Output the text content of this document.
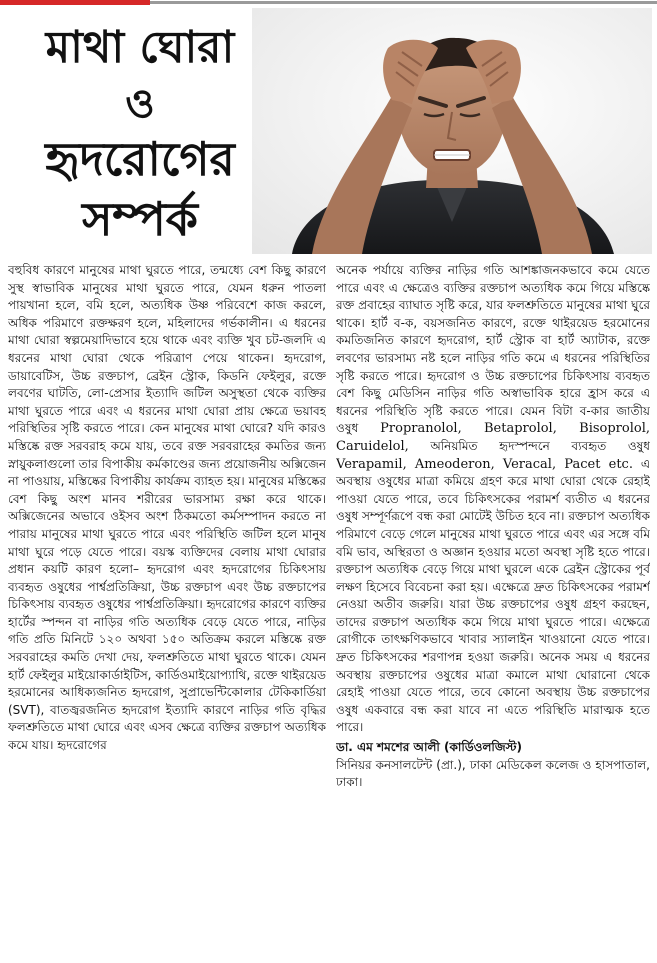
মাথা ঘোরা
ও
হৃদরোগের
সম্পর্ক

বহুবিধ কারণে মানুষের মাথা ঘুরতে পারে, তন্মধ্যে বেশ কিছু কারণে সুস্থ স্বাভাবিক মানুষের মাথা ঘুরতে পারে, যেমন ধরুন পাতলা পায়খানা হলে, বমি হলে, অত্যধিক উষ্ণ পরিবেশে কাজ করলে, অধিক পরিমাণে রক্তক্ষরণ হলে, মহিলাদের গর্ভকালীন। এ ধরনের মাথা ঘোরা স্বল্পমেয়াদিভাবে হয়ে থাকে এবং ব্যক্তি খুব চট-জলদি এ ধরনের মাথা ঘোরা থেকে পরিত্রাণ পেয়ে থাকেন। হৃদরোগ, ডায়াবেটিস, উচ্চ রক্তচাপ, ব্রেইন স্ট্রোক, কিডনি ফেইলুর, রক্তে লবণের ঘাটতি, লো-প্রেসার ইত্যাদি জটিল অসুস্থতা থেকে ব্যক্তির মাথা ঘুরতে পারে এবং এ ধরনের মাথা ঘোরা প্রায় ক্ষেত্রে ভয়াবহ পরিস্থিতির সৃষ্টি করতে পারে। কেন মানুষের মাথা ঘোরে? যদি কারও মস্তিষ্কে রক্ত সরবরাহ কমে যায়, তবে রক্ত সরবরাহের কমতির জন্য স্নায়ুকলাগুলো তার বিপাকীয় কর্মকাণ্ডের জন্য প্রয়োজনীয় অক্সিজেন না পাওয়ায়, মস্তিষ্কের বিপাকীয় কার্যক্রম ব্যাহত হয়। মানুষের মস্তিষ্কের বেশ কিছু অংশ মানব শরীরের ভারসাম্য রক্ষা করে থাকে। অক্সিজেনের অভাবে ওইসব অংশ ঠিকমতো কর্মসম্পাদন করতে না পারায় মানুষের মাথা ঘুরতে পারে এবং পরিস্থিতি জটিল হলে মানুষ মাথা ঘুরে পড়ে যেতে পারে। বয়স্ক ব্যক্তিদের বেলায় মাথা ঘোরার প্রধান কয়টি কারণ হলো– হৃদরোগ এবং হৃদরোগের চিকিৎসায় ব্যবহৃত ওষুধের পার্শ্বপ্রতিক্রিয়া, উচ্চ রক্তচাপ এবং উচ্চ রক্তচাপের চিকিৎসায় ব্যবহৃত ওষুধের পার্শ্বপ্রতিক্রিয়া। হৃদরোগের কারণে ব্যক্তির হার্টের স্পন্দন বা নাড়ির গতি অত্যধিক বেড়ে যেতে পারে, নাড়ির গতি প্রতি মিনিটে ১২০ অথবা ১৫০ অতিক্রম করলে মস্তিষ্কে রক্ত সরবরাহের কমতি দেখা দেয়, ফলশ্রুতিতে মাথা ঘুরতে থাকে। যেমন হার্ট ফেইলুর মাইয়োকার্ডাইটিস, কার্ডিওমাইয়োপ্যাথি, রক্তে থাইরয়েড হরমোনের আধিক্যজনিত হৃদরোগ, সুপ্রাভেন্টিকোলার টেকিকার্ডিয়া (SVT), বাতজ্বরজনিত হৃদরোগ ইত্যাদি কারণে নাড়ির গতি বৃদ্ধির ফলশ্রুতিতে মাথা ঘোরে এবং এসব ক্ষেত্রে ব্যক্তির রক্তচাপ অত্যধিক কমে যায়। হৃদরোগের

অনেক পর্যায়ে ব্যক্তির নাড়ির গতি আশঙ্কাজনকভাবে কমে যেতে পারে এবং এ ক্ষেত্রেও ব্যক্তির রক্তচাপ অত্যধিক কমে গিয়ে মস্তিষ্কে রক্ত প্রবাহের ব্যাঘাত সৃষ্টি করে, যার ফলশ্রুতিতে মানুষের মাথা ঘুরে থাকে। হার্ট ব-ক, বয়সজনিত কারণে, রক্তে থাইরয়েড হরমোনের কমতিজনিত কারণে হৃদরোগ, হার্ট স্ট্রোক বা হার্ট অ্যাটাক, রক্তে লবণের ভারসাম্য নষ্ট হলে নাড়ির গতি কমে এ ধরনের পরিস্থিতির সৃষ্টি করতে পারে। হৃদরোগ ও উচ্চ রক্তচাপের চিকিৎসায় ব্যবহৃত বেশ কিছু মেডিসিন নাড়ির গতি অস্বাভাবিক হারে হ্রাস করে এ ধরনের পরিস্থিতি সৃষ্টি করতে পারে। যেমন বিটা ব-কার জাতীয় ওষুধ Propranolol, Betaprolol, Bisoprolol, Caruidelol, অনিয়মিত হৃদস্পন্দনে ব্যবহৃত ওষুধ Verapamil, Ameoderon, Veracal, Pacet etc. এ অবস্থায় ওষুধের মাত্রা কমিয়ে গ্রহণ করে মাথা ঘোরা থেকে রেহাই পাওয়া যেতে পারে, তবে চিকিৎসকের পরামর্শ ব্যতীত এ ধরনের ওষুধ সম্পূর্ণরূপে বন্ধ করা মোটেই উচিত হবে না। রক্তচাপ অত্যধিক পরিমাণে বেড়ে গেলে মানুষের মাথা ঘুরতে পারে এবং এর সঙ্গে বমি বমি ভাব, অস্থিরতা ও অজ্ঞান হওয়ার মতো অবস্থা সৃষ্টি হতে পারে। রক্তচাপ অত্যধিক বেড়ে গিয়ে মাথা ঘুরলে একে ব্রেইন স্ট্রোকের পূর্ব লক্ষণ হিসেবে বিবেচনা করা হয়। এক্ষেত্রে দ্রুত চিকিৎসকের পরামর্শ নেওয়া অতীব জরুরি। যারা উচ্চ রক্তচাপের ওষুধ গ্রহণ করছেন, তাদের রক্তচাপ অত্যধিক কমে গিয়ে মাথা ঘুরতে পারে। এক্ষেত্রে রোগীকে তাৎক্ষণিকভাবে খাবার স্যালাইন খাওয়ানো যেতে পারে। দ্রুত চিকিৎসকের শরণাপন্ন হওয়া জরুরি। অনেক সময় এ ধরনের অবস্থায় রক্তচাপের ওষুধের মাত্রা কমালে মাথা ঘোরানো থেকে রেহাই পাওয়া যেতে পারে, তবে কোনো অবস্থায় উচ্চ রক্তচাপের ওষুধ একবারে বন্ধ করা যাবে না এতে পরিস্থিতি মারাত্মক হতে পারে।

ডা. এম শমশের আলী (কার্ডিওলজিস্ট)
সিনিয়র কনসালটেন্ট (প্রা.), ঢাকা মেডিকেল কলেজ ও হাসপাতাল, ঢাকা।
